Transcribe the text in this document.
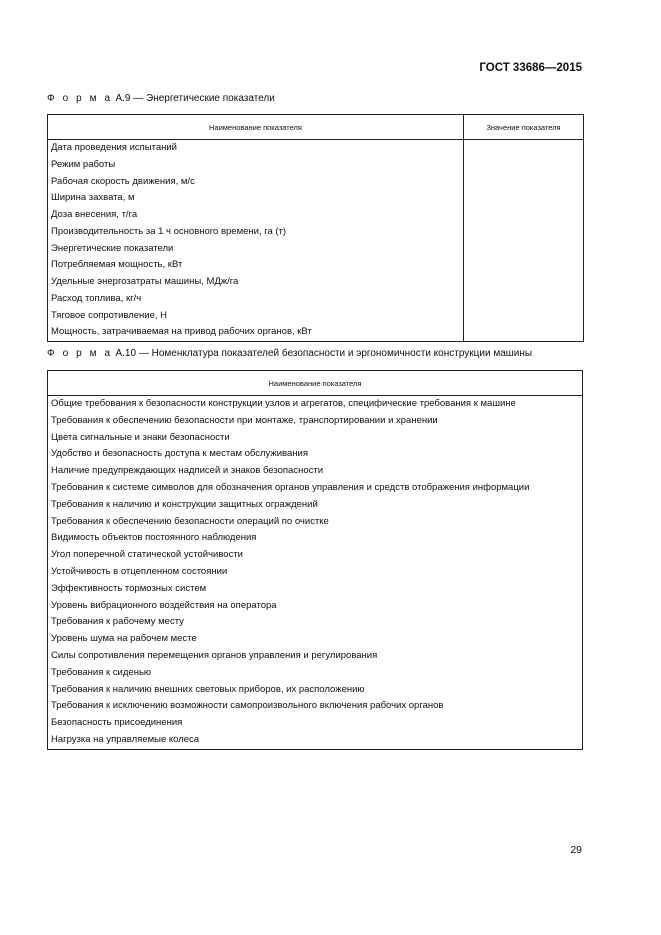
ГОСТ 33686—2015
Ф о р м а А.9 — Энергетические показатели
Наименование показателя	Значение показателя
Дата проведения испытаний	
Режим работы	
Рабочая скорость движения, м/с	
Ширина захвата, м	
Доза внесения, т/га	
Производительность за 1 ч основного времени, га (т)	
Энергетические показатели	
Потребляемая мощность, кВт	
Удельные энергозатраты машины, МДж/га	
Расход топлива, кг/ч	
Тяговое сопротивление, Н	
Мощность, затрачиваемая на привод рабочих органов, кВт	
Ф о р м а А.10 — Номенклатура показателей безопасности и эргономичности конструкции машины
Наименование показателя
Общие требования к безопасности конструкции узлов и агрегатов, специфические требования к машине
Требования к обеспечению безопасности при монтаже, транспортировании и хранении
Цвета сигнальные и знаки безопасности
Удобство и безопасность доступа к местам обслуживания
Наличие предупреждающих надписей и знаков безопасности
Требования к системе символов для обозначения органов управления и средств отображения информации
Требования к наличию и конструкции защитных ограждений
Требования к обеспечению безопасности операций по очистке
Видимость объектов постоянного наблюдения
Угол поперечной статической устойчивости
Устойчивость в отцепленном состоянии
Эффективность тормозных систем
Уровень вибрационного воздействия на оператора
Требования к рабочему месту
Уровень шума на рабочем месте
Силы сопротивления перемещения органов управления и регулирования
Требования к сиденью
Требования к наличию внешних световых приборов, их расположению
Требования к исключению возможности самопроизвольного включения рабочих органов
Безопасность присоединения
Нагрузка на управляемые колеса
29
